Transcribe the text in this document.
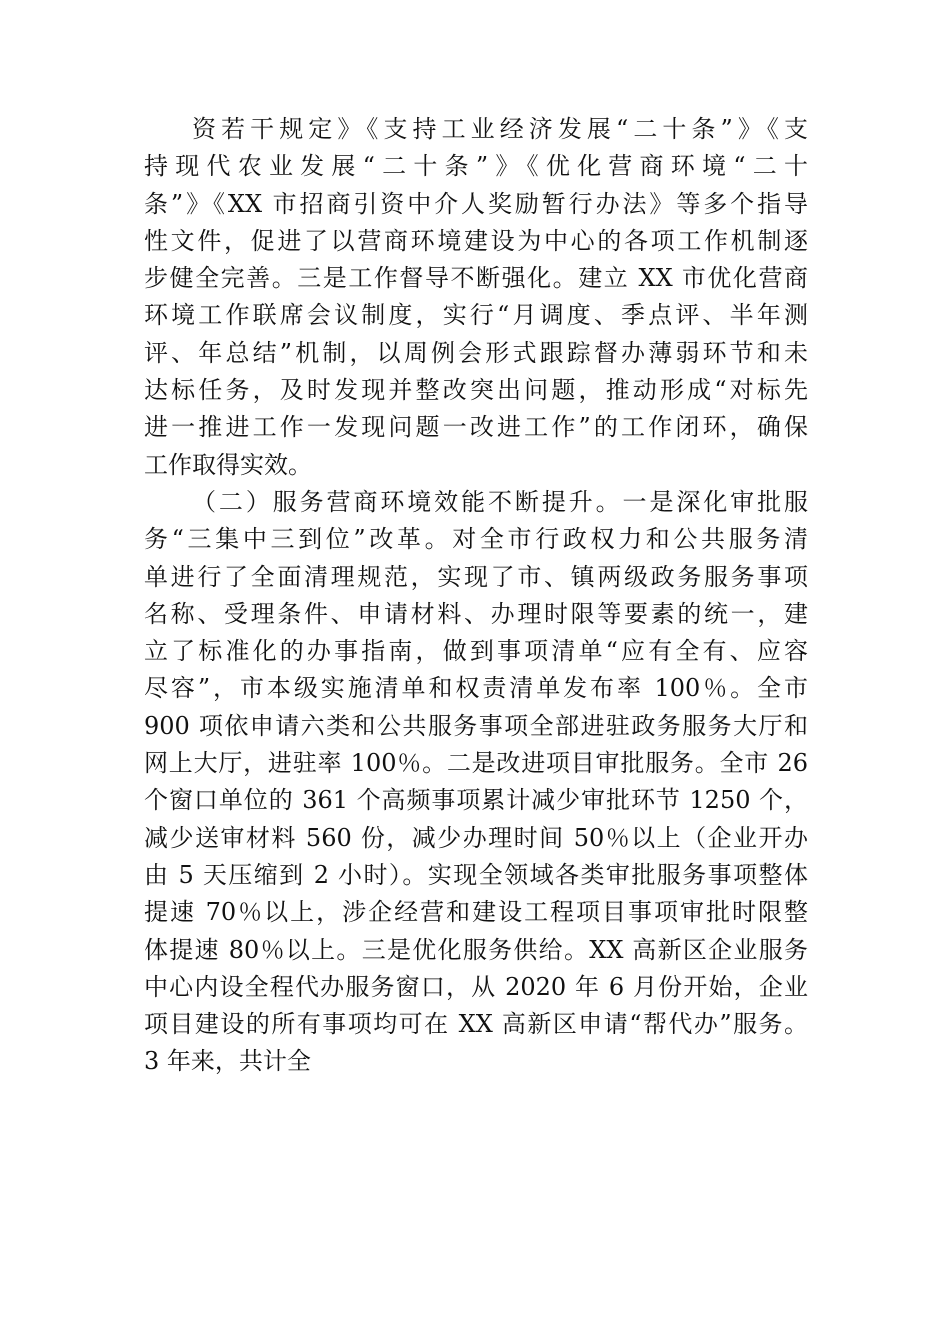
资若干规定》《支持工业经济发展“二十条”》《支
持现代农业发展“二十条”》《优化营商环境“二十
条”》《XX 市招商引资中介人奖励暂行办法》等多个指导
性文件，促进了以营商环境建设为中心的各项工作机制逐
步健全完善。三是工作督导不断强化。建立 XX 市优化营商
环境工作联席会议制度，实行“月调度、季点评、半年测
评、年总结”机制，以周例会形式跟踪督办薄弱环节和未
达标任务，及时发现并整改突出问题，推动形成“对标先
进一推进工作一发现问题一改进工作”的工作闭环，确保
工作取得实效。
（二）服务营商环境效能不断提升。一是深化审批服
务“三集中三到位”改革。对全市行政权力和公共服务清
单进行了全面清理规范，实现了市、镇两级政务服务事项
名称、受理条件、申请材料、办理时限等要素的统一，建
立了标准化的办事指南，做到事项清单“应有全有、应容
尽容”，市本级实施清单和权责清单发布率 100％。全市
900 项依申请六类和公共服务事项全部进驻政务服务大厅和
网上大厅，进驻率 100％。二是改进项目审批服务。全市 26
个窗口单位的 361 个高频事项累计减少审批环节 1250 个，
减少送审材料 560 份，减少办理时间 50％以上（企业开办
由 5 天压缩到 2 小时）。实现全领域各类审批服务事项整体
提速 70％以上，涉企经营和建设工程项目事项审批时限整
体提速 80％以上。三是优化服务供给。XX 高新区企业服务
中心内设全程代办服务窗口，从 2020 年 6 月份开始，企业
项目建设的所有事项均可在 XX 高新区申请“帮代办”服务。
3 年来，共计全
